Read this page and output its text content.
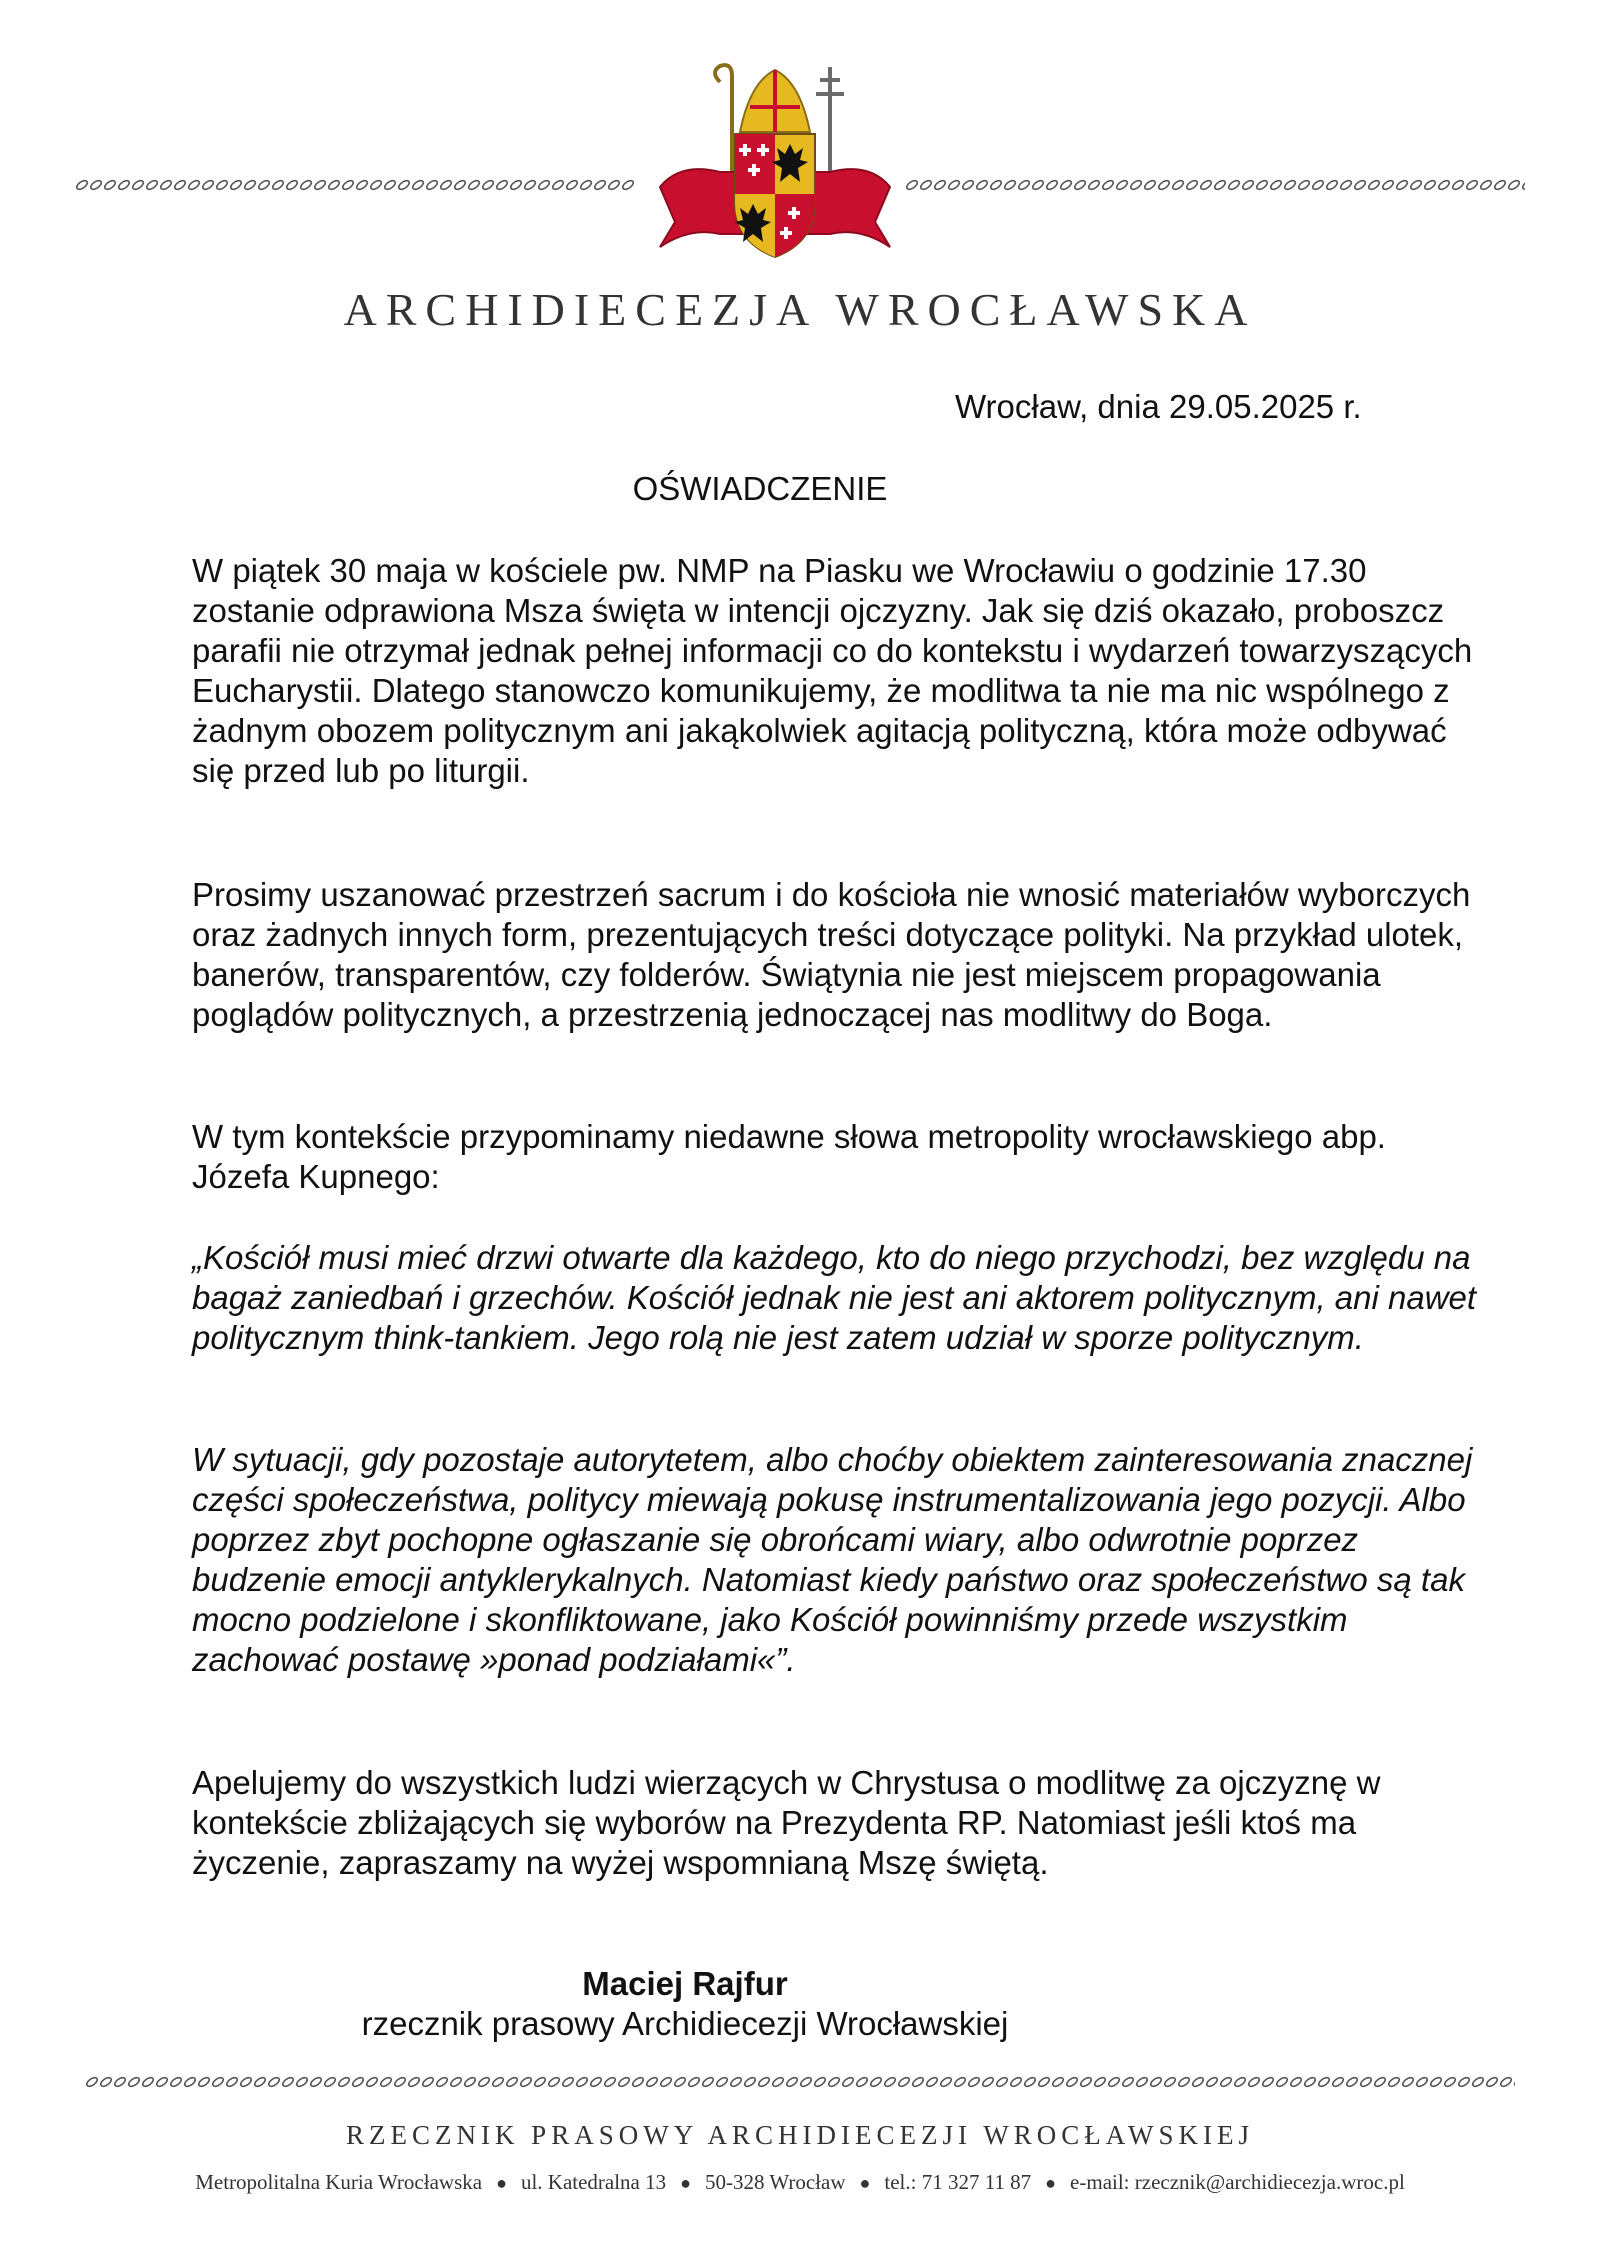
ARCHIDIECEZJA WROCŁAWSKA
Wrocław, dnia 29.05.2025 r.
OŚWIADCZENIE

W piątek 30 maja w kościele pw. NMP na Piasku we Wrocławiu o godzinie 17.30 zostanie odprawiona Msza święta w intencji ojczyzny. Jak się dziś okazało, proboszcz parafii nie otrzymał jednak pełnej informacji co do kontekstu i wydarzeń towarzyszących Eucharystii. Dlatego stanowczo komunikujemy, że modlitwa ta nie ma nic wspólnego z żadnym obozem politycznym ani jakąkolwiek agitacją polityczną, która może odbywać się przed lub po liturgii.

Prosimy uszanować przestrzeń sacrum i do kościoła nie wnosić materiałów wyborczych oraz żadnych innych form, prezentujących treści dotyczące polityki. Na przykład ulotek, banerów, transparentów, czy folderów. Świątynia nie jest miejscem propagowania poglądów politycznych, a przestrzenią jednoczącej nas modlitwy do Boga.

W tym kontekście przypominamy niedawne słowa metropolity wrocławskiego abp. Józefa Kupnego:

„Kościół musi mieć drzwi otwarte dla każdego, kto do niego przychodzi, bez względu na bagaż zaniedbań i grzechów. Kościół jednak nie jest ani aktorem politycznym, ani nawet politycznym think-tankiem. Jego rolą nie jest zatem udział w sporze politycznym.

W sytuacji, gdy pozostaje autorytetem, albo choćby obiektem zainteresowania znacznej części społeczeństwa, politycy miewają pokusę instrumentalizowania jego pozycji. Albo poprzez zbyt pochopne ogłaszanie się obrońcami wiary, albo odwrotnie poprzez budzenie emocji antyklerykalnych. Natomiast kiedy państwo oraz społeczeństwo są tak mocno podzielone i skonfliktowane, jako Kościół powinniśmy przede wszystkim zachować postawę »ponad podziałami«”.

Apelujemy do wszystkich ludzi wierzących w Chrystusa o modlitwę za ojczyznę w kontekście zbliżających się wyborów na Prezydenta RP. Natomiast jeśli ktoś ma życzenie, zapraszamy na wyżej wspomnianą Mszę świętą.

Maciej Rajfur
rzecznik prasowy Archidiecezji Wrocławskiej
RZECZNIK PRASOWY ARCHIDIECEZJI WROCŁAWSKIEJ
Metropolitalna Kuria Wrocławska ● ul. Katedralna 13 ● 50-328 Wrocław ● tel.: 71 327 11 87 ● e-mail: rzecznik@archidiecezja.wroc.pl
